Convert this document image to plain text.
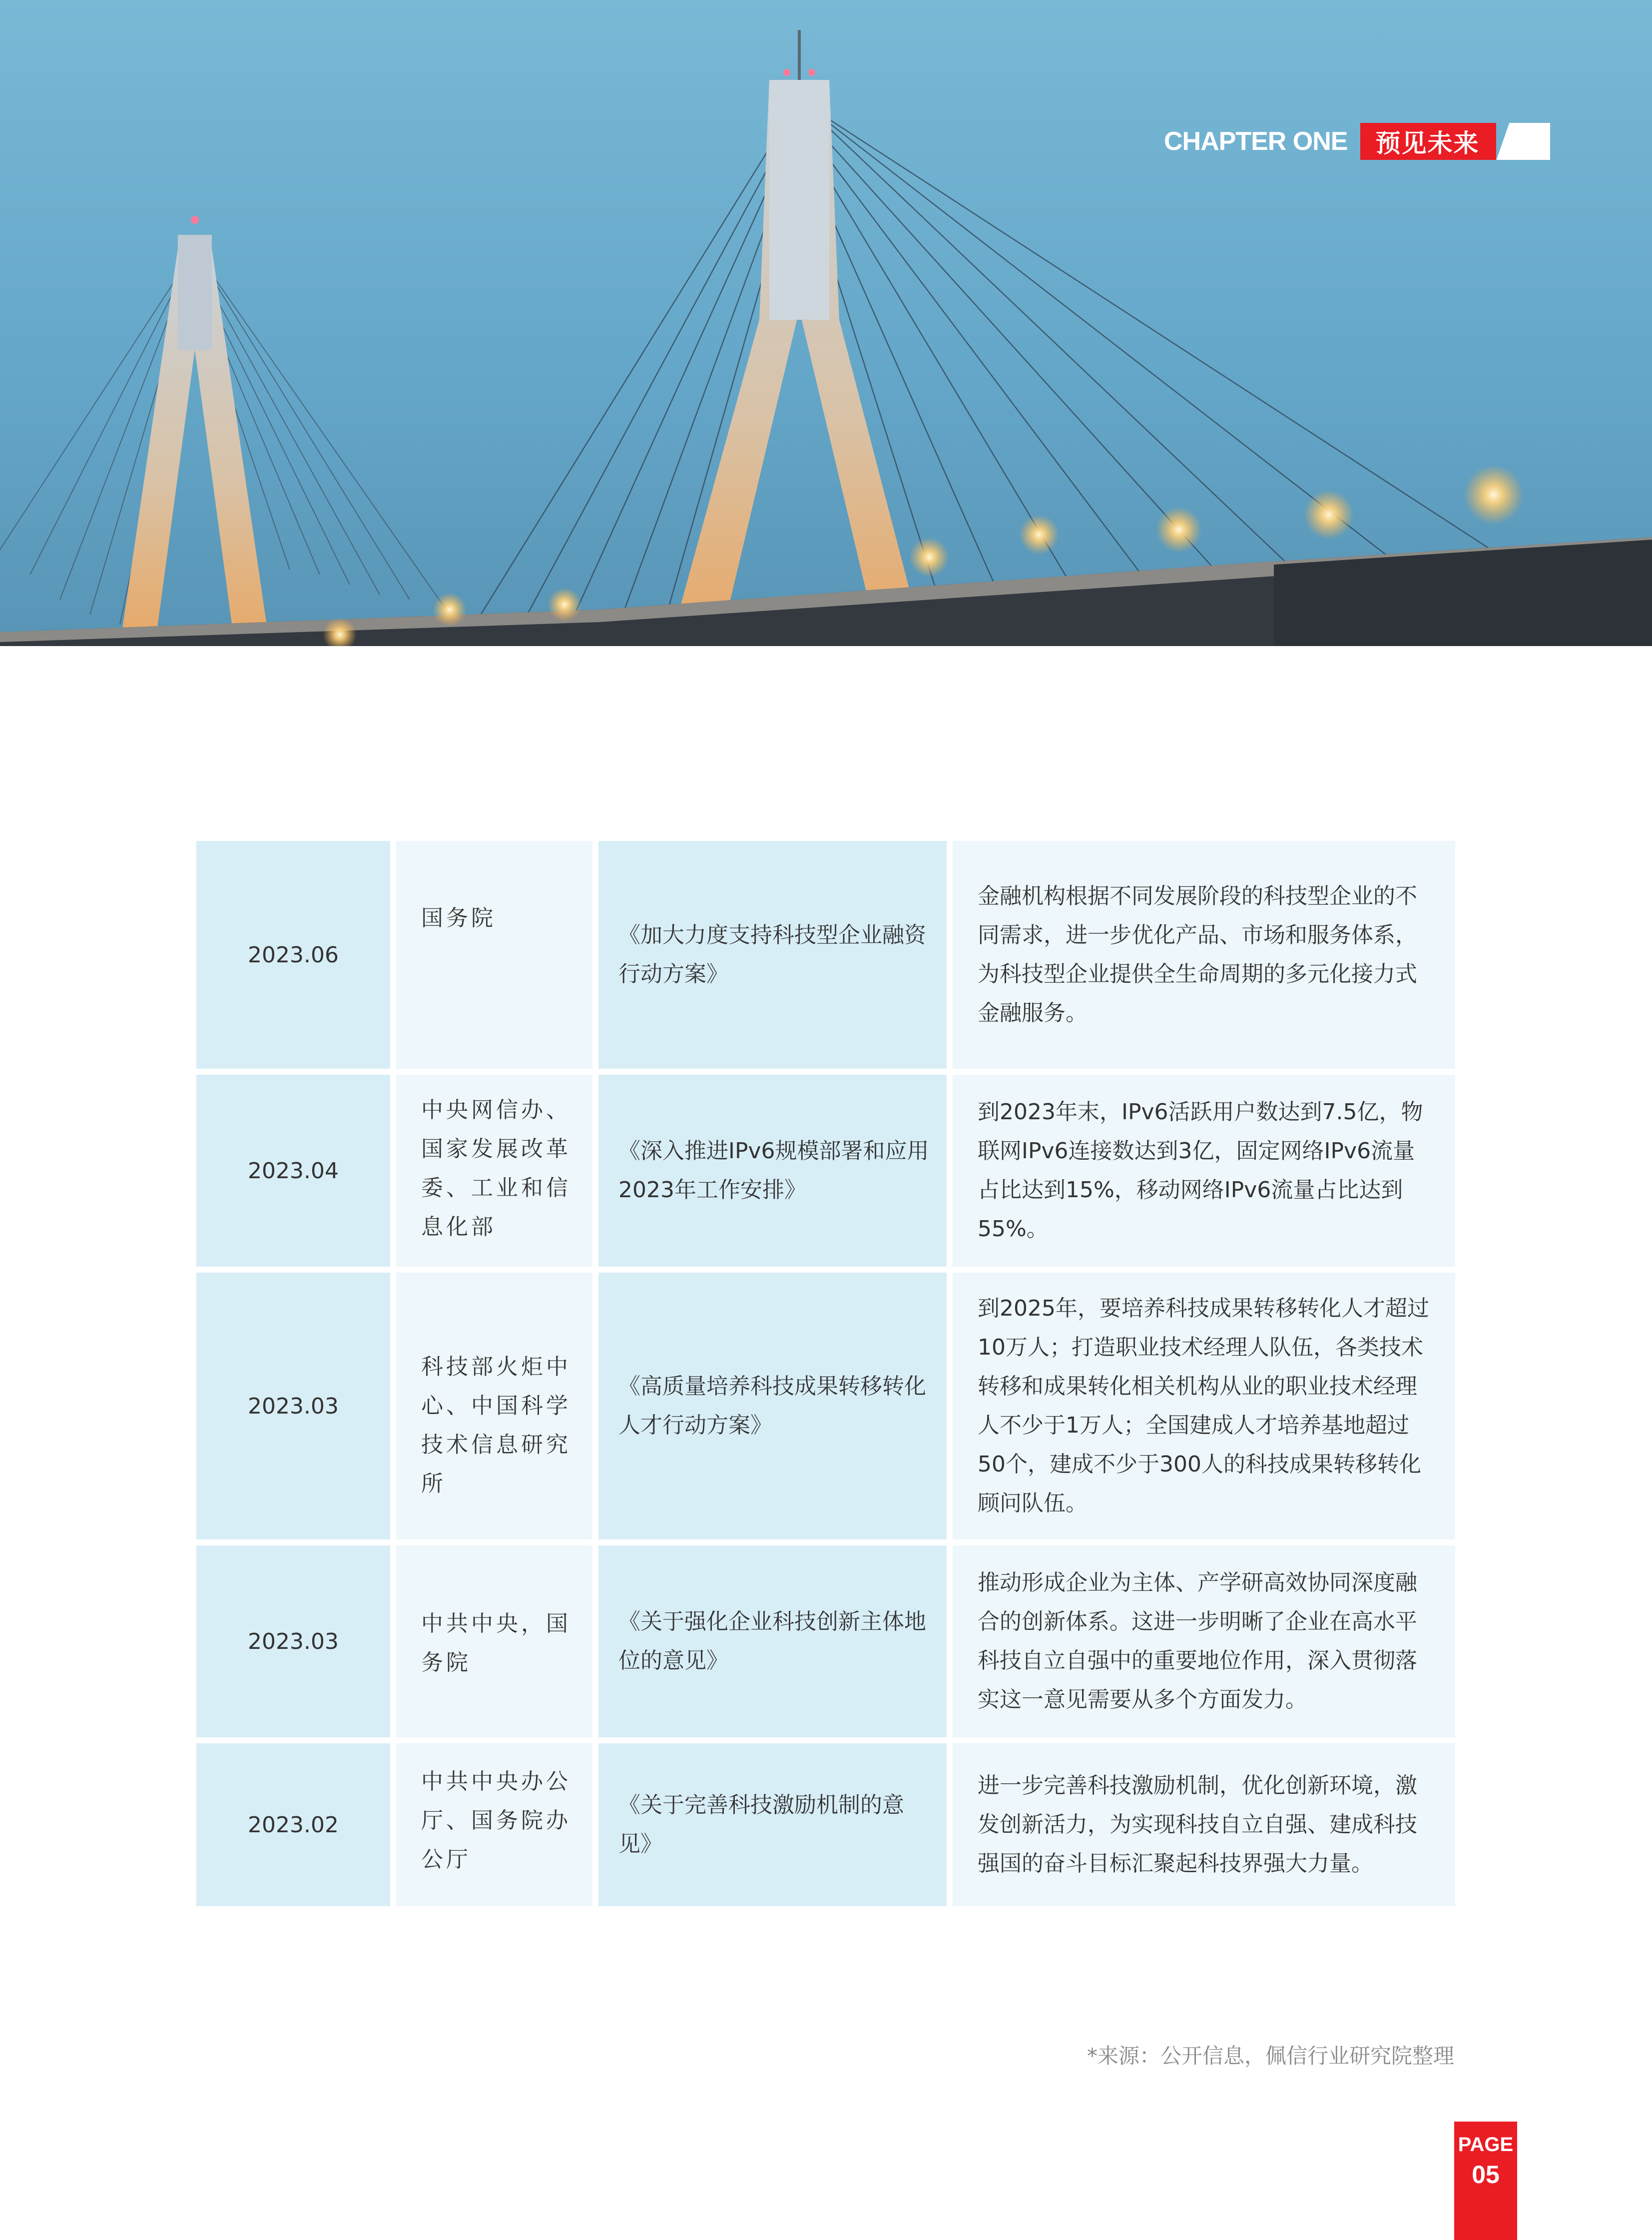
CHAPTER ONE 预见未来
2023.06
国务院
《加大力度支持科技型企业融资行动方案》
金融机构根据不同发展阶段的科技型企业的不同需求，进一步优化产品、市场和服务体系，为科技型企业提供全生命周期的多元化接力式金融服务。
2023.04
中央网信办、国家发展改革委、工业和信息化部
《深入推进IPv6规模部署和应用2023年工作安排》
到2023年末，IPv6活跃用户数达到7.5亿，物联网IPv6连接数达到3亿，固定网络IPv6流量占比达到15%，移动网络IPv6流量占比达到55%。
2023.03
科技部火炬中心、中国科学技术信息研究所
《高质量培养科技成果转移转化人才行动方案》
到2025年，要培养科技成果转移转化人才超过10万人；打造职业技术经理人队伍，各类技术转移和成果转化相关机构从业的职业技术经理人不少于1万人；全国建成人才培养基地超过50个，建成不少于300人的科技成果转移转化顾问队伍。
2023.03
中共中央，国务院
《关于强化企业科技创新主体地位的意见》
推动形成企业为主体、产学研高效协同深度融合的创新体系。这进一步明晰了企业在高水平科技自立自强中的重要地位作用，深入贯彻落实这一意见需要从多个方面发力。
2023.02
中共中央办公厅、国务院办公厅
《关于完善科技激励机制的意见》
进一步完善科技激励机制，优化创新环境，激发创新活力，为实现科技自立自强、建成科技强国的奋斗目标汇聚起科技界强大力量。
*来源：公开信息，佩信行业研究院整理
PAGE
05
